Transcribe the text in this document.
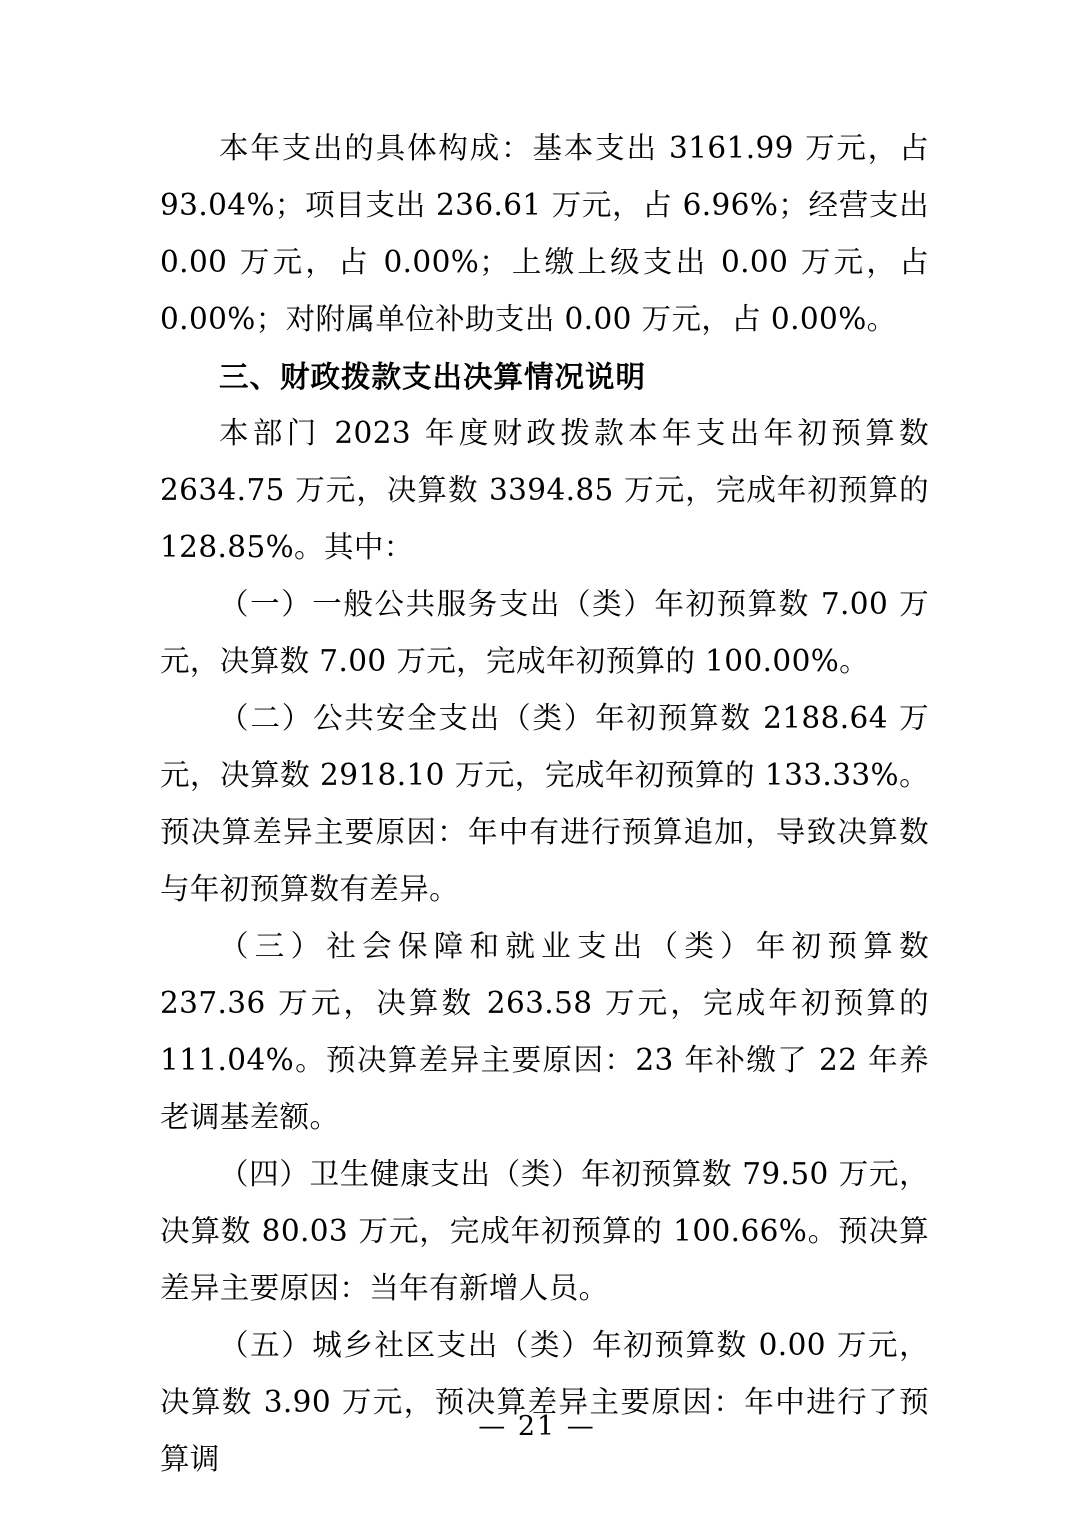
本年支出的具体构成：基本支出 3161.99 万元，占 93.04%；项目支出 236.61 万元，占 6.96%；经营支出 0.00 万元，占 0.00%；上缴上级支出 0.00 万元，占 0.00%；对附属单位补助支出 0.00 万元，占 0.00%。

三、财政拨款支出决算情况说明

本部门 2023 年度财政拨款本年支出年初预算数 2634.75 万元，决算数 3394.85 万元，完成年初预算的 128.85%。其中：

（一）一般公共服务支出（类）年初预算数 7.00 万元，决算数 7.00 万元，完成年初预算的 100.00%。

（二）公共安全支出（类）年初预算数 2188.64 万元，决算数 2918.10 万元，完成年初预算的 133.33%。预决算差异主要原因：年中有进行预算追加，导致决算数与年初预算数有差异。

（三）社会保障和就业支出（类）年初预算数 237.36 万元，决算数 263.58 万元，完成年初预算的 111.04%。预决算差异主要原因：23 年补缴了 22 年养老调基差额。

（四）卫生健康支出（类）年初预算数 79.50 万元，决算数 80.03 万元，完成年初预算的 100.66%。预决算差异主要原因：当年有新增人员。

（五）城乡社区支出（类）年初预算数 0.00 万元，决算数 3.90 万元，预决算差异主要原因：年中进行了预算调

— 21 —
